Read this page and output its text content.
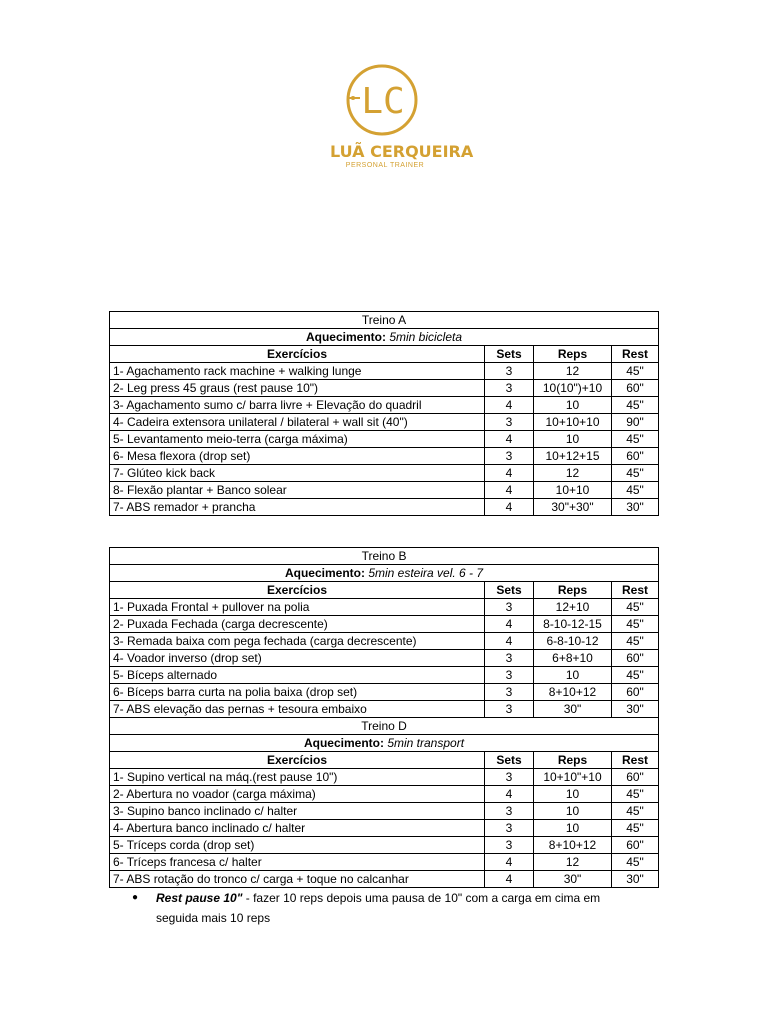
LC
LUÃ CERQUEIRA
PERSONAL TRAINER
Treino A			
Aquecimento: 5min bicicleta			
Exercícios	Sets	Reps	Rest
1- Agachamento rack machine + walking lunge	3	12	45"
2- Leg press 45 graus (rest pause 10")	3	10(10")+10	60"
3- Agachamento sumo c/ barra livre + Elevação do quadril	4	10	45"
4- Cadeira extensora unilateral / bilateral + wall sit (40")	3	10+10+10	90"
5- Levantamento meio-terra (carga máxima)	4	10	45"
6- Mesa flexora (drop set)	3	10+12+15	60"
7- Glúteo kick back	4	12	45"
8- Flexão plantar + Banco solear	4	10+10	45"
7- ABS remador + prancha	4	30"+30"	30"
Treino B			
Aquecimento: 5min esteira vel. 6 - 7			
Exercícios	Sets	Reps	Rest
1- Puxada Frontal + pullover na polia	3	12+10	45"
2- Puxada Fechada (carga decrescente)	4	8-10-12-15	45"
3- Remada baixa com pega fechada (carga decrescente)	4	6-8-10-12	45"
4- Voador inverso (drop set)	3	6+8+10	60"
5- Bíceps alternado	3	10	45"
6- Bíceps barra curta na polia baixa (drop set)	3	8+10+12	60"
7- ABS elevação das pernas + tesoura embaixo	3	30"	30"
Treino D			
Aquecimento: 5min transport			
Exercícios	Sets	Reps	Rest
1- Supino vertical na máq.(rest pause 10")	3	10+10"+10	60"
2- Abertura no voador (carga máxima)	4	10	45"
3- Supino banco inclinado c/ halter	3	10	45"
4- Abertura banco inclinado c/ halter	3	10	45"
5- Tríceps corda (drop set)	3	8+10+12	60"
6- Tríceps francesa c/ halter	4	12	45"
7- ABS rotação do tronco c/ carga + toque no calcanhar	4	30"	30"
● Rest pause 10" - fazer 10 reps depois uma pausa de 10" com a carga em cima em seguida mais 10 reps
